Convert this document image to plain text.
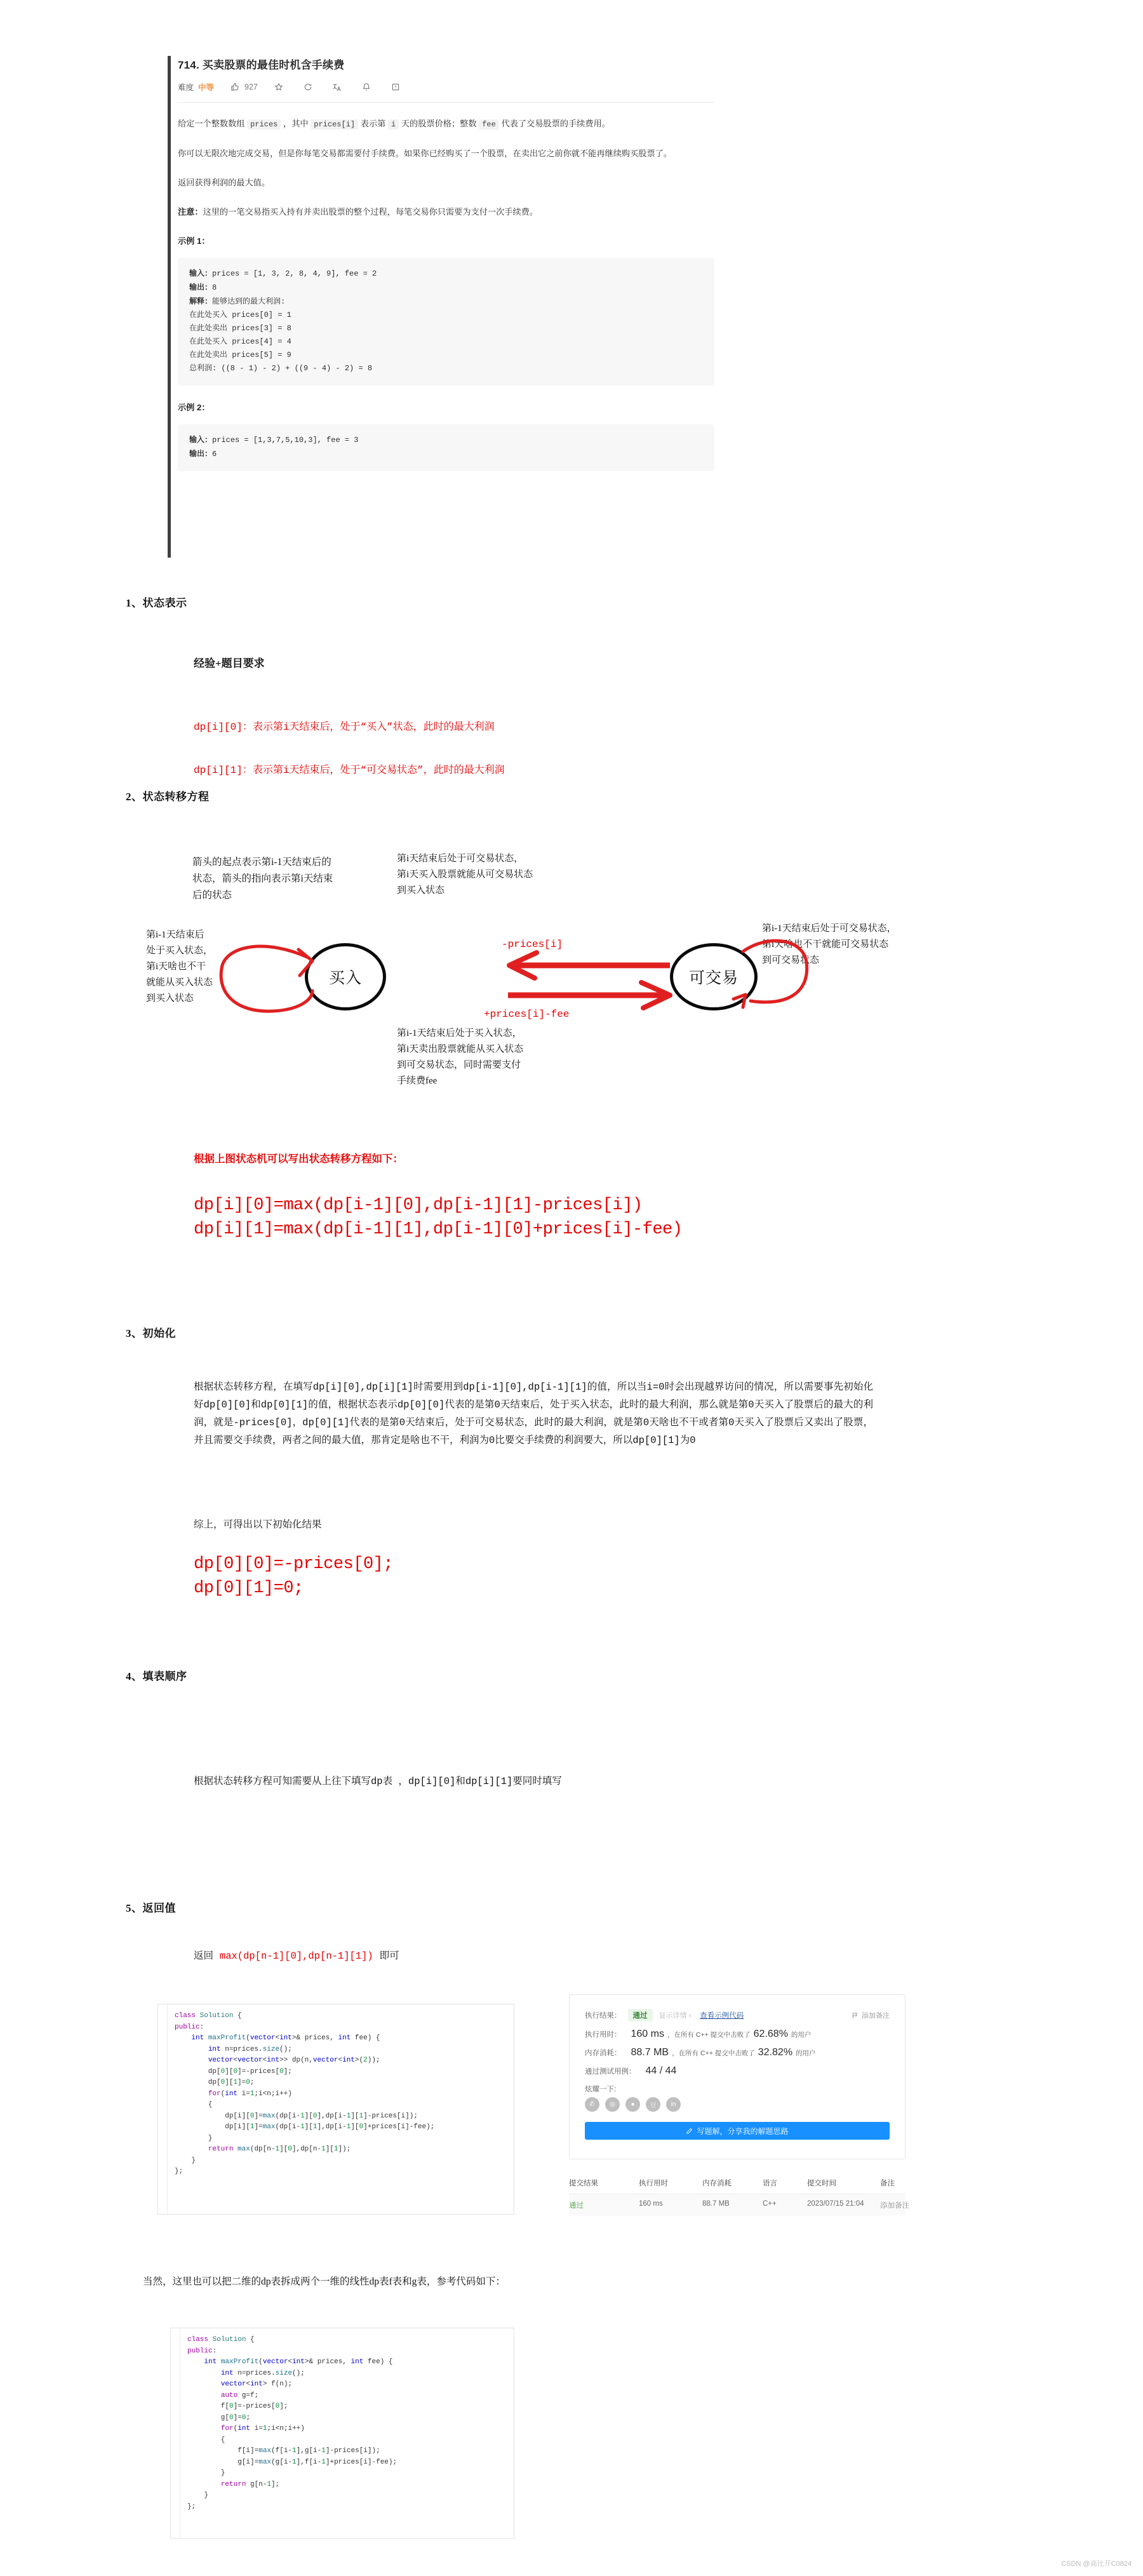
714. 买卖股票的最佳时机含手续费
难度 中等	927

给定一个整数数组 prices ，其中 prices[i] 表示第 i 天的股票价格；整数 fee 代表了交易股票的手续费用。

你可以无限次地完成交易，但是你每笔交易都需要付手续费。如果你已经购买了一个股票，在卖出它之前你就不能再继续购买股票了。

返回获得利润的最大值。

注意：这里的一笔交易指买入持有并卖出股票的整个过程，每笔交易你只需要为支付一次手续费。

示例 1：
输入：prices = [1, 3, 2, 8, 4, 9], fee = 2
输出：8
解释：能够达到的最大利润:
在此处买入 prices[0] = 1
在此处卖出 prices[3] = 8
在此处买入 prices[4] = 4
在此处卖出 prices[5] = 9
总利润: ((8 - 1) - 2) + ((9 - 4) - 2) = 8
示例 2：
输入：prices = [1,3,7,5,10,3], fee = 3
输出：6
1、状态表示
经验+题目要求
dp[i][0]：表示第i天结束后，处于“买入”状态，此时的最大利润
dp[i][1]：表示第i天结束后，处于“可交易状态”，此时的最大利润
2、状态转移方程
箭头的起点表示第i-1天结束后的状态，箭头的指向表示第i天结束后的状态
第i天结束后处于可交易状态，
第i天买入股票就能从可交易状态
到买入状态
第i-1天结束后
处于买入状态，
第i天啥也不干
就能从买入状态
到买入状态
第i-1天结束后处于可交易状态，
第i天啥也不干就能可交易状态
到可交易状态
第i-1天结束后处于买入状态，
第i天卖出股票就能从买入状态
到可交易状态，同时需要支付
手续费fee
买入	可交易
-prices[i]
+prices[i]-fee
根据上图状态机可以写出状态转移方程如下：
dp[i][0]=max(dp[i-1][0],dp[i-1][1]-prices[i])
dp[i][1]=max(dp[i-1][1],dp[i-1][0]+prices[i]-fee)
3、初始化
根据状态转移方程，在填写dp[i][0],dp[i][1]时需要用到dp[i-1][0],dp[i-1][1]的值，所以当i=0时会出现越界访问的情况，所以需要事先初始化好dp[0][0]和dp[0][1]的值，根据状态表示dp[0][0]代表的是第0天结束后，处于买入状态，此时的最大利润，那么就是第0天买入了股票后的最大的利润，就是-prices[0]，dp[0][1]代表的是第0天结束后，处于可交易状态，此时的最大利润，就是第0天啥也不干或者第0天买入了股票后又卖出了股票，并且需要交手续费，两者之间的最大值，那肯定是啥也不干，利润为0比要交手续费的利润要大，所以dp[0][1]为0
综上，可得出以下初始化结果
dp[0][0]=-prices[0];
dp[0][1]=0;
4、填表顺序
根据状态转移方程可知需要从上往下填写dp表 ，dp[i][0]和dp[i][1]要同时填写
5、返回值
返回 max(dp[n-1][0],dp[n-1][1]) 即可
class Solution {
public:
int maxProfit(vector<int>& prices, int fee) {
int n=prices.size();
vector<vector<int>> dp(n,vector<int>(2));
dp[0][0]=-prices[0];
dp[0][1]=0;
for(int i=1;i<n;i++)
{
dp[i][0]=max(dp[i-1][0],dp[i-1][1]-prices[i]);
dp[i][1]=max(dp[i-1][1],dp[i-1][0]+prices[i]-fee);
}
return max(dp[n-1][0],dp[n-1][1]);
}
};
执行结果：	通过	显示详情 › 查看示例代码	添加备注
执行用时： 160 ms ，在所有 C++ 提交中击败了 62.68% 的用户
内存消耗： 88.7 MB ，在所有 C++ 提交中击败了 32.82% 的用户
通过测试用例： 44 / 44
炫耀一下:
✆	◎	●	豆	in
写题解，分享我的解题思路
提交结果	执行用时	内存消耗	语言	提交时间	备注
通过	160 ms	88.7 MB	C++	2023/07/15 21:04	添加备注
当然，这里也可以把二维的dp表拆成两个一维的线性dp表f表和g表，参考代码如下：
class Solution {
public:
int maxProfit(vector<int>& prices, int fee) {
int n=prices.size();
vector<int> f(n);
auto g=f;
f[0]=-prices[0];
g[0]=0;
for(int i=1;i<n;i++)
{
f[i]=max(f[i-1],g[i-1]-prices[i]);
g[i]=max(g[i-1],f[i-1]+prices[i]-fee);
}
return g[n-1];
}
};
CSDN @高比开C0824
